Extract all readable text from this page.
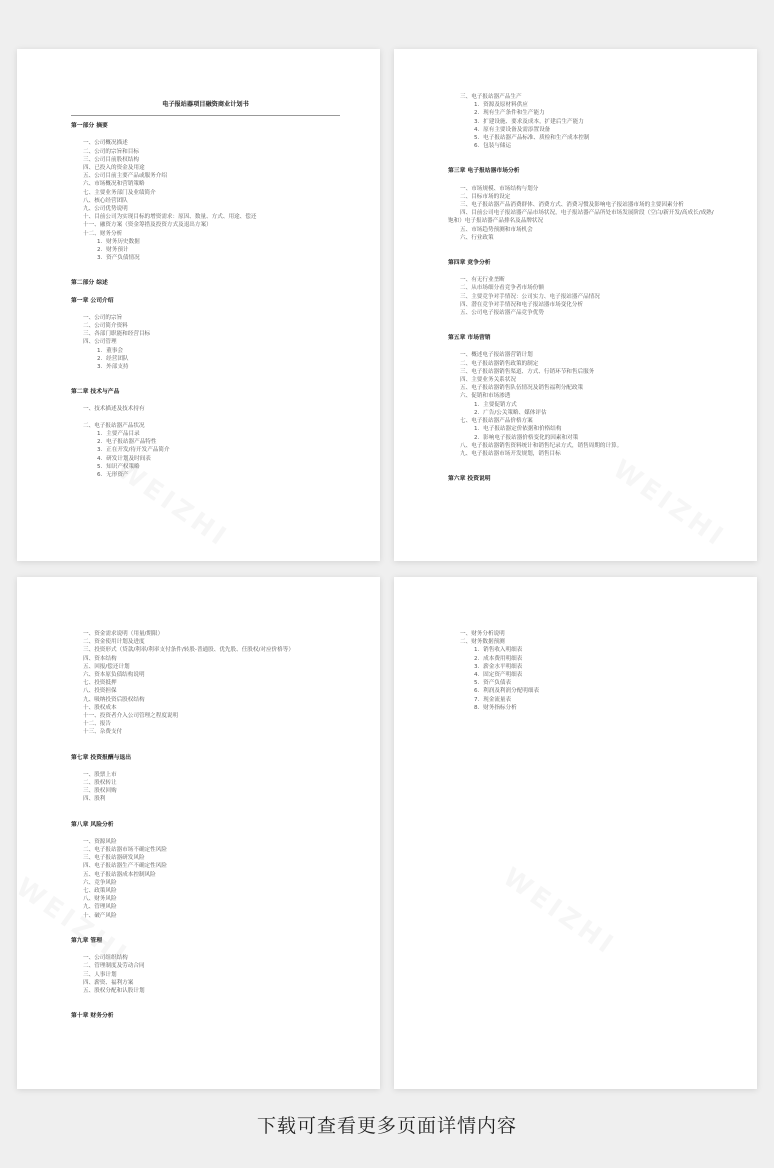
电子报站器项目融资商业计划书
第一部分 摘要
一、公司概况描述
二、公司的宗旨和目标
三、公司目前股权结构
四、已投入的资金及用途
五、公司目前主要产品或服务介绍
六、市场概况和营销策略
七、主要业务部门及业绩简介
八、核心经营团队
九、公司优势说明
十、目前公司为实现目标的增资需求：原因、数量、方式、用途、偿还
十一、融资方案（资金筹措及投资方式及退出方案）
十二、财务分析
1．财务历史数据
2．财务预计
3．资产负债情况
第二部分 综述
第一章 公司介绍
一、公司的宗旨
二、公司简介资料
三、各部门职能和经营目标
四、公司管理
1．董事会
2．经营团队
3．外部支持
第二章 技术与产品
一、技术描述及技术持有
二、电子报站器产品状况
1．主要产品目录
2．电子报站器产品特性
3．正在开发/待开发产品简介
4．研发计划及时间表
5．知识产权策略
6．无形资产
三、电子报站器产品生产
1．资源及原材料供应
2．现有生产条件和生产能力
3．扩建设施、要求及成本，扩建后生产能力
4．原有主要设备及需添置设备
5．电子报站器产品标准、质检和生产成本控制
6．包装与储运
第三章 电子报站器市场分析
一、市场规模、市场结构与划分
二、目标市场的设定
三、电子报站器产品消费群体、消费方式、消费习惯及影响电子报站器市场的主要因素分析
四、目前公司电子报站器产品市场状况，电子报站器产品所处市场发展阶段（空白/新开发/高成长/成熟/饱和）电子报站器产品排名及品牌状况
五、市场趋势预测和市场机会
六、行业政策
第四章 竞争分析
一、有无行业垄断
二、从市场细分看竞争者市场份额
三、主要竞争对手情况：公司实力、电子报站器产品情况
四、潜在竞争对手情况和电子报站器市场变化分析
五、公司电子报站器产品竞争优势
第五章 市场营销
一、概述电子报站器营销计划
二、电子报站器销售政策的制定
三、电子报站器销售渠道、方式、行销环节和售后服务
四、主要业务关系状况
五、电子报站器销售队伍情况及销售福利分配政策
六、促销和市场渗透
1．主要促销方式
2．广告/公关策略、媒体评估
七、电子报站器产品价格方案
1．电子报站器定价依据和价格结构
2．影响电子报站器价格变化的因素和对策
八、电子报站器销售资料统计和销售纪录方式，销售周期的计算。
九、电子报站器市场开发规划，销售目标
第六章 投资说明
一、资金需求说明（用量/期限）
二、资金使用计划及进度
三、投资形式（贷款/利率/利率支付条件/转股-普通股、优先股、任股权/对应价格等）
四、资本结构
五、回报/偿还计划
六、资本原负债结构说明
七、投资抵押
八、投资担保
九、吸纳投资后股权结构
十、股权成本
十一、投资者介入公司管理之程度说明
十二、报告
十三、杂费支付
第七章 投资报酬与退出
一、股票上市
二、股权转让
三、股权回购
四、股利
第八章 风险分析
一、资源风险
二、电子报站器市场不确定性风险
三、电子报站器研发风险
四、电子报站器生产不确定性风险
五、电子报站器成本控制风险
六、竞争风险
七、政策风险
八、财务风险
九、管理风险
十、破产风险
第九章 管理
一、公司组织结构
二、管理制度及劳动合同
三、人事计划
四、薪资、福利方案
五、股权分配和认股计划
第十章 财务分析
一、财务分析说明
二、财务数据预测
1．销售收入明细表
2．成本费用明细表
3．薪金水平明细表
4．固定资产明细表
5．资产负债表
6．利润及利润分配明细表
7．现金流量表
8．财务指标分析
下载可查看更多页面详情内容
